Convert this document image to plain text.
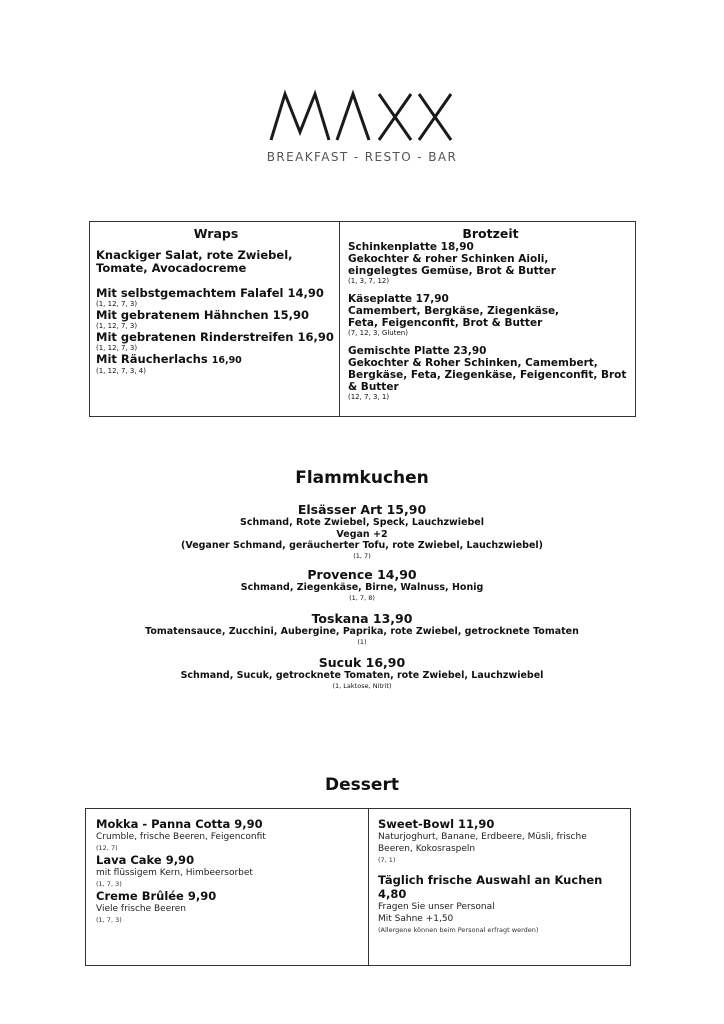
BREAKFAST - RESTO - BAR
Wraps
Knackiger Salat, rote Zwiebel, Tomate, Avocadocreme
Mit selbstgemachtem Falafel 14,90
(1, 12, 7, 3)
Mit gebratenem Hähnchen 15,90
(1, 12, 7, 3)
Mit gebratenen Rinderstreifen 16,90
(1, 12, 7, 3)
Mit Räucherlachs 16,90
(1, 12, 7, 3, 4)
Brotzeit
Schinkenplatte 18,90
Gekochter & roher Schinken Aioli, eingelegtes Gemüse, Brot & Butter
(1, 3, 7, 12)
Käseplatte 17,90
Camembert, Bergkäse, Ziegenkäse, Feta, Feigenconfit, Brot & Butter
(7, 12, 3, Gluten)
Gemischte Platte 23,90
Gekochter & Roher Schinken, Camembert, Bergkäse, Feta, Ziegenkäse, Feigenconfit, Brot & Butter
(12, 7, 3, 1)
Flammkuchen
Elsässer Art 15,90
Schmand, Rote Zwiebel, Speck, Lauchzwiebel
Vegan +2
(Veganer Schmand, geräucherter Tofu, rote Zwiebel, Lauchzwiebel)
(1, 7)
Provence 14,90
Schmand, Ziegenkäse, Birne, Walnuss, Honig
(1, 7, 8)
Toskana 13,90
Tomatensauce, Zucchini, Aubergine, Paprika, rote Zwiebel, getrocknete Tomaten
(1)
Sucuk 16,90
Schmand, Sucuk, getrocknete Tomaten, rote Zwiebel, Lauchzwiebel
(1, Laktose, Nitrit)
Dessert
Mokka - Panna Cotta 9,90
Crumble, frische Beeren, Feigenconfit
(12, 7)
Lava Cake 9,90
mit flüssigem Kern, Himbeersorbet
(1, 7, 3)
Creme Brûlée 9,90
Viele frische Beeren
(1, 7, 3)
Sweet-Bowl 11,90
Naturjoghurt, Banane, Erdbeere, Müsli, frische Beeren, Kokosraspeln
(7, 1)
Täglich frische Auswahl an Kuchen 4,80
Fragen Sie unser Personal
Mit Sahne +1,50
(Allergene können beim Personal erfragt werden)
